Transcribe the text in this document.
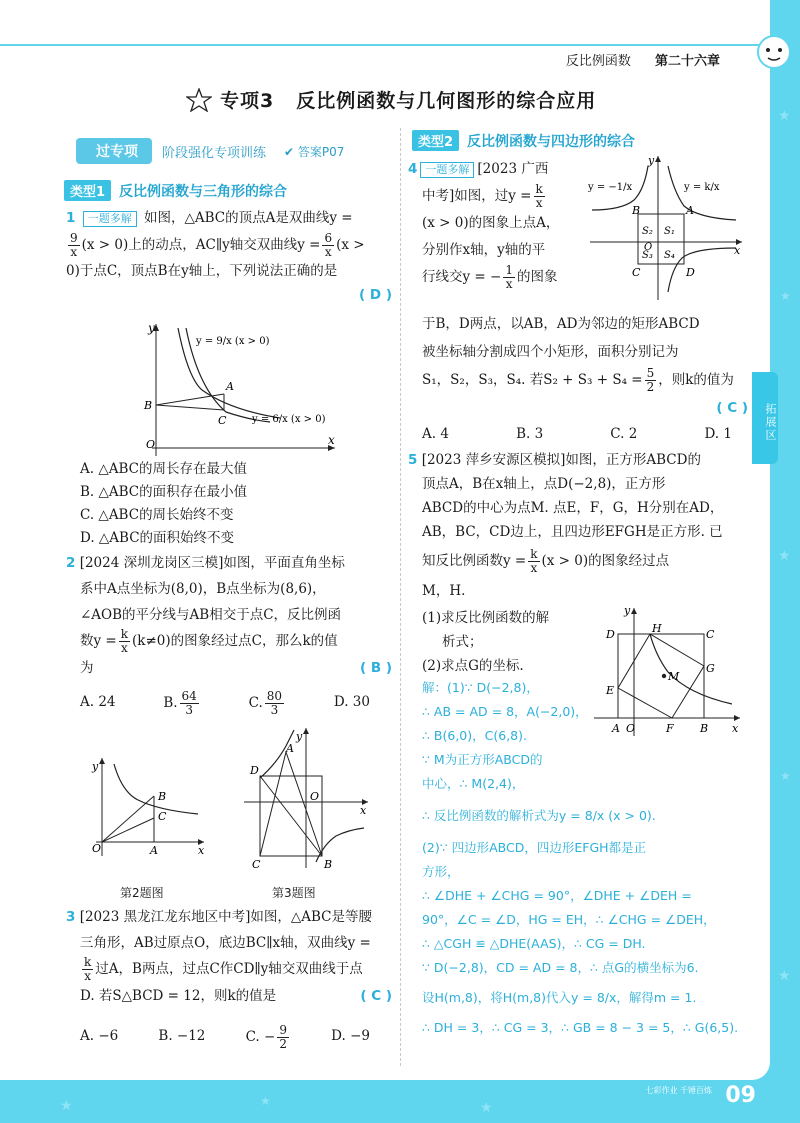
★
★
★
★
★
★	★	★
反比例函数 第二十六章
专项3 反比例函数与几何图形的综合应用
过专项	阶段强化专项训练 ✔ 答案P07
类型1	反比例函数与三角形的综合
1 一题多解 如图，△ABC的顶点A是双曲线y =
$\frac{9}{x} (x > 0)$上的动点，AC∥y轴交双曲线$y = \frac{6}{x} (x$ >
0)于点C，顶点B在y轴上，下列说法正确的是
( D )
y
x
O
A
B
C
y = 9/x (x > 0)
y = 6/x (x > 0)
A. △ABC的周长存在最大值
B. △ABC的面积存在最小值
C. △ABC的周长始终不变
D. △ABC的面积始终不变
2 [2024 深圳龙岗区三模]如图，平面直角坐标
系中A点坐标为(8,0)，B点坐标为(8,6)，
∠AOB的平分线与AB相交于点C，反比例函
数$y = \frac{k}{x} (k\ne 0)$的图象经过点C，那么k的值
为	( B )
A. 24	B. $\frac{64}{3}$	C. $\frac{80}{3}$	D. 30
y
x
O
B
C
A
y
x
O
A
D
C	B
第2题图	第3题图
3 [2023 黑龙江龙东地区中考]如图，△ABC是等腰
三角形，AB过原点O，底边BC∥x轴，双曲线y =
$\frac{k}{x}$ 过A，B两点，过点C作CD∥y轴交双曲线于点
D. 若S△BCD = 12，则k的值是	( C )
A. −6	B. −12	C. − $\frac{9}{2}$	D. −9
类型2	反比例函数与四边形的综合
4 一题多解 [2023 广西
中考]如图，过$y = \frac{k}{x}$
(x > 0)的图象上点A，
分别作x轴，y轴的平
行线交y = − $\frac{1}{x}$ 的图象
y = −1/x	y = k/x
y
x
B	A
C	D
O
S₂ S₁
S₃ S₄
于B，D两点，以AB，AD为邻边的矩形ABCD
被坐标轴分割成四个小矩形，面积分别记为
S₁，S₂，S₃，S₄. 若$S_2 + S_3 + S_4 = \frac{5}{2}$ ，则k的值为
( C )
A. 4	B. 3	C. 2	D. 1
5 [2023 萍乡安源区模拟]如图，正方形ABCD的
顶点A，B在x轴上，点D(−2,8)，正方形
ABCD的中心为点M. 点E，F，G，H分别在AD，
AB，BC，CD边上，且四边形EFGH是正方形. 已
知反比例函数$y = \frac{k}{x} (x > 0)$的图象经过点
M，H.
(1)求反比例函数的解
析式；
(2)求点G的坐标.
y
x
D	H	C
G
M
E
A O	F B
解：(1)∵ D(−2,8)，
∴ AB = AD = 8，A(−2,0)，
∴ B(6,0)，C(6,8).
∵ M为正方形ABCD的
中心，∴ M(2,4)，
∴ 反比例函数的解析式为y = 8/x (x > 0).
(2)∵ 四边形ABCD，四边形EFGH都是正
方形，
∴ ∠DHE + ∠CHG = 90°，∠DHE + ∠DEH =
90°，∠C = ∠D，HG = EH，∴ ∠CHG = ∠DEH，
∴ △CGH ≌ △DHE(AAS)，∴ CG = DH.
∵ D(−2,8)，CD = AD = 8，∴ 点G的横坐标为6.
设H(m,8)，将H(m,8)代入y = 8/x，解得m = 1.
∴ DH = 3，∴ CG = 3，∴ GB = 8 − 3 = 5，∴ G(6,5).
拓展区
七彩作业 千锤百炼 09
